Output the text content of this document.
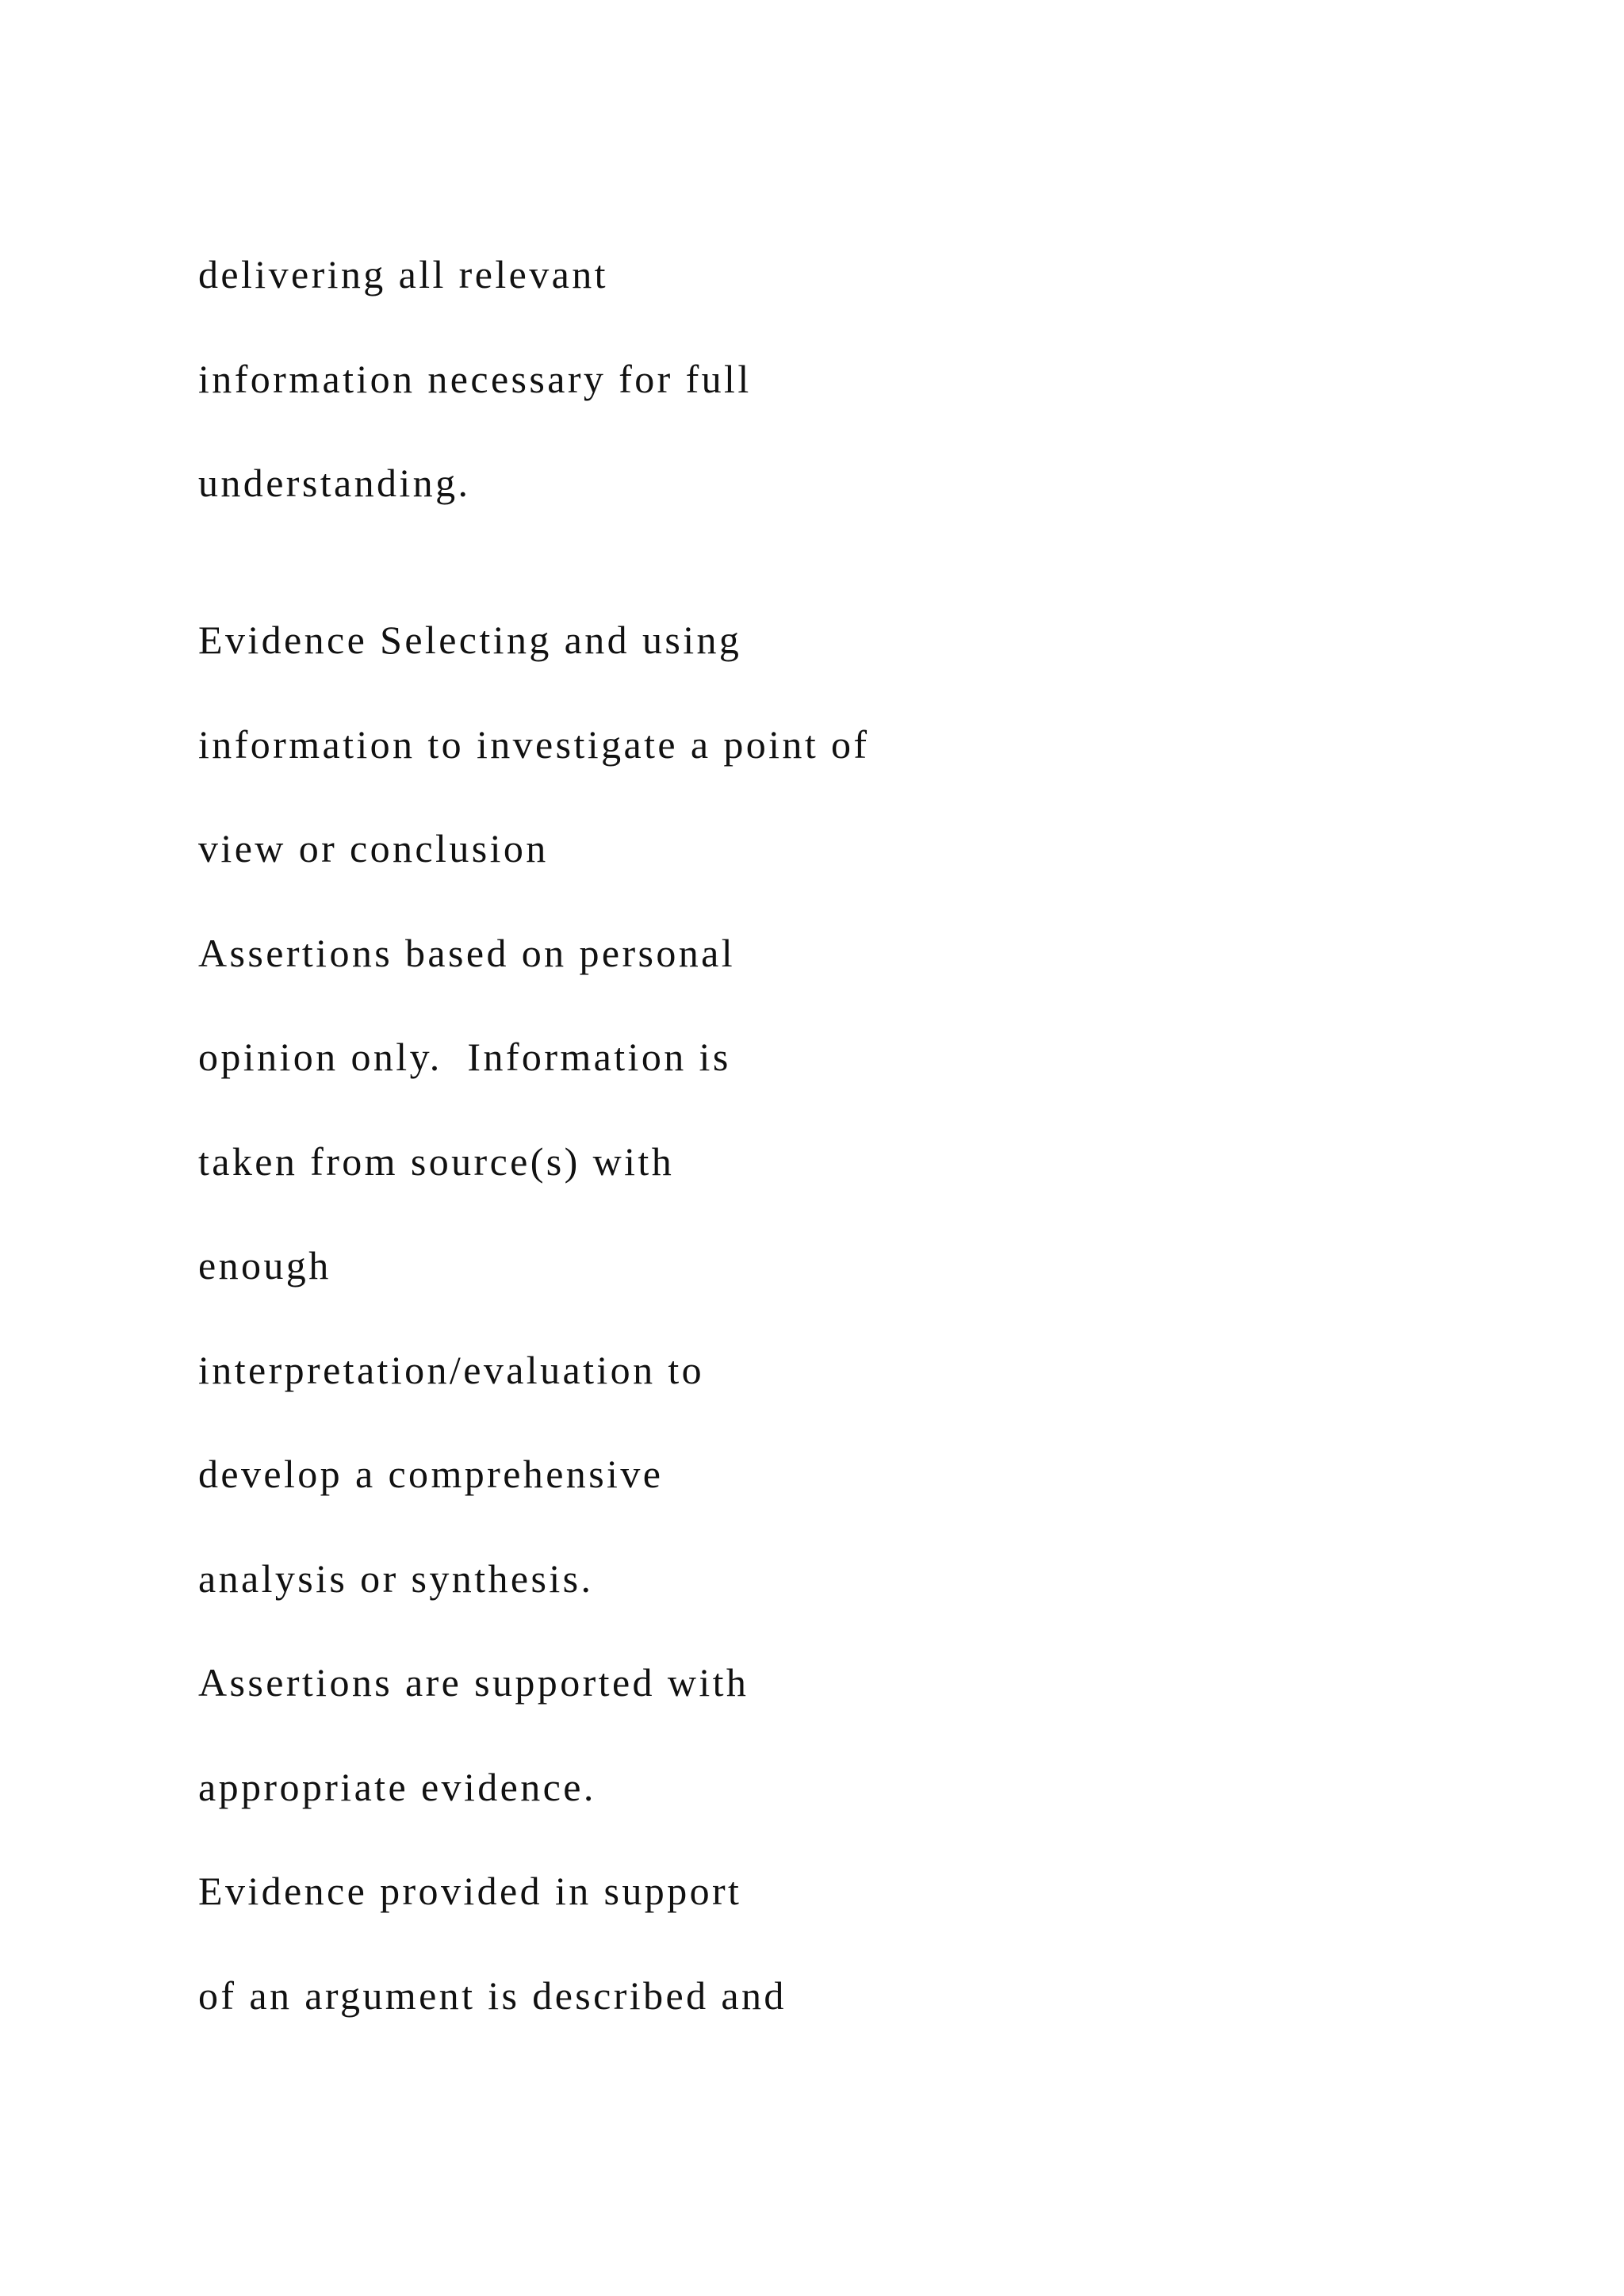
delivering all relevant

information necessary for full

understanding.

Evidence Selecting and using

information to investigate a point of

view or conclusion

Assertions based on personal

opinion only.  Information is

taken from source(s) with

enough

interpretation/evaluation to

develop a comprehensive

analysis or synthesis.

Assertions are supported with

appropriate evidence.

Evidence provided in support

of an argument is described and
